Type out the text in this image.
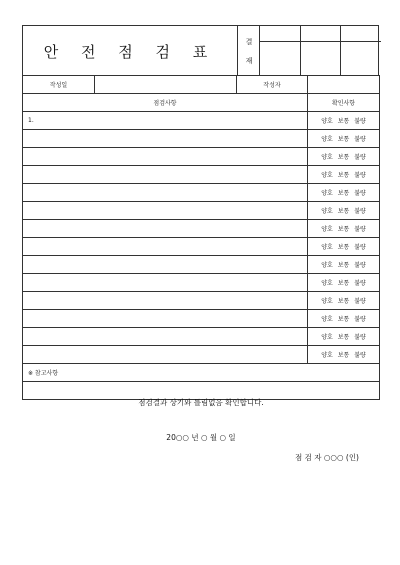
안 전 점 검 표
결
재
작성일		작성자	
점검사항			확인사항
1.			양호 보통 불량
			양호 보통 불량
			양호 보통 불량
			양호 보통 불량
			양호 보통 불량
			양호 보통 불량
			양호 보통 불량
			양호 보통 불량
			양호 보통 불량
			양호 보통 불량
			양호 보통 불량
			양호 보통 불량
			양호 보통 불량
			양호 보통 불량
※ 참고사항			

점검결과 상기와 틀림없음 확인합니다.
20○○ 년 ○ 월 ○ 일
점 검 자 ○○○ (인)			
